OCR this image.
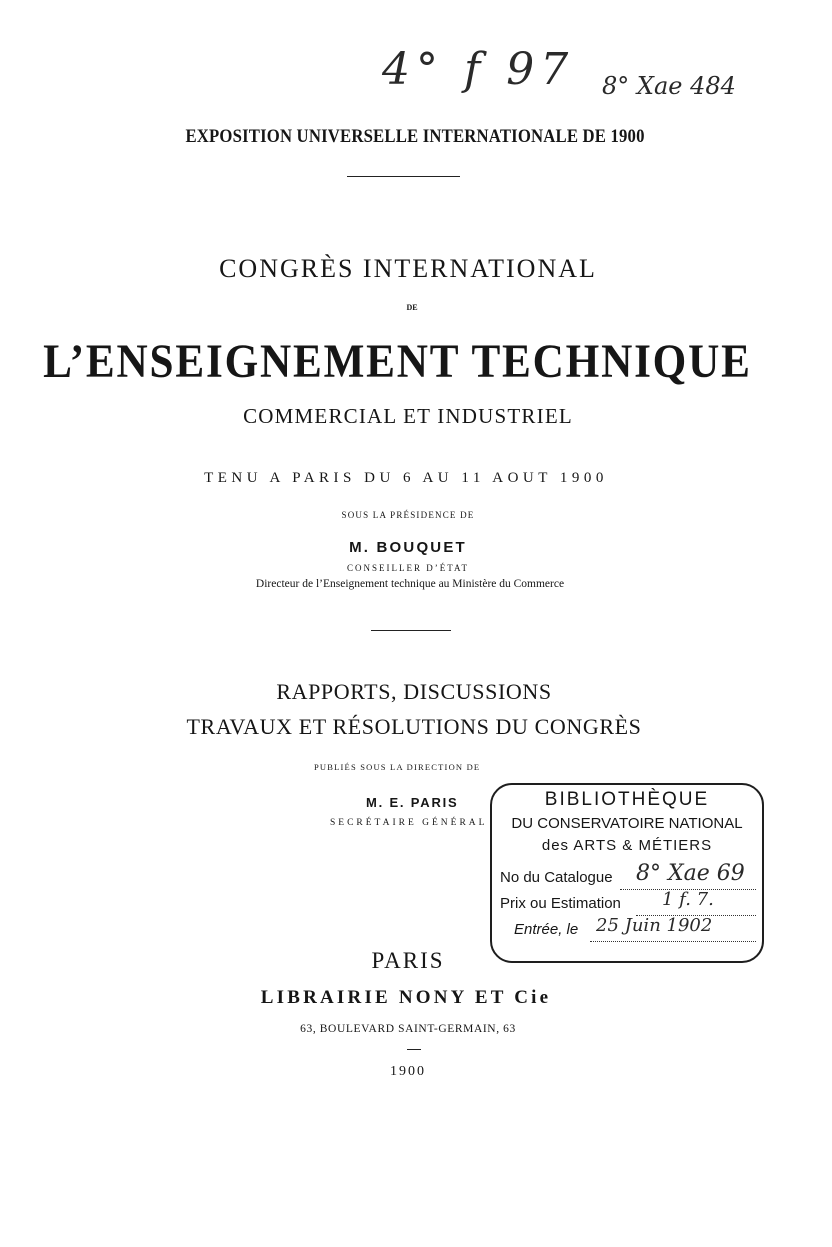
4° f 97 8° Xae 484
EXPOSITION UNIVERSELLE INTERNATIONALE DE 1900
CONGRÈS INTERNATIONAL
DE
L’ENSEIGNEMENT TECHNIQUE
COMMERCIAL ET INDUSTRIEL
TENU A PARIS DU 6 AU 11 AOUT 1900
SOUS LA PRÉSIDENCE DE
M. BOUQUET
CONSEILLER D’ÉTAT
Directeur de l’Enseignement technique au Ministère du Commerce
RAPPORTS, DISCUSSIONS
TRAVAUX ET RÉSOLUTIONS DU CONGRÈS
PUBLIÉS SOUS LA DIRECTION DE
M. E. PARIS
SECRÉTAIRE GÉNÉRAL
BIBLIOTHÈQUE
DU CONSERVATOIRE NATIONAL
des ARTS & MÉTIERS
No du Catalogue 8° Xae 69
Prix ou Estimation 1 f. 7.
Entrée, le 25 Juin 1902
PARIS
LIBRAIRIE NONY ET Cie
63, BOULEVARD SAINT-GERMAIN, 63
1900
